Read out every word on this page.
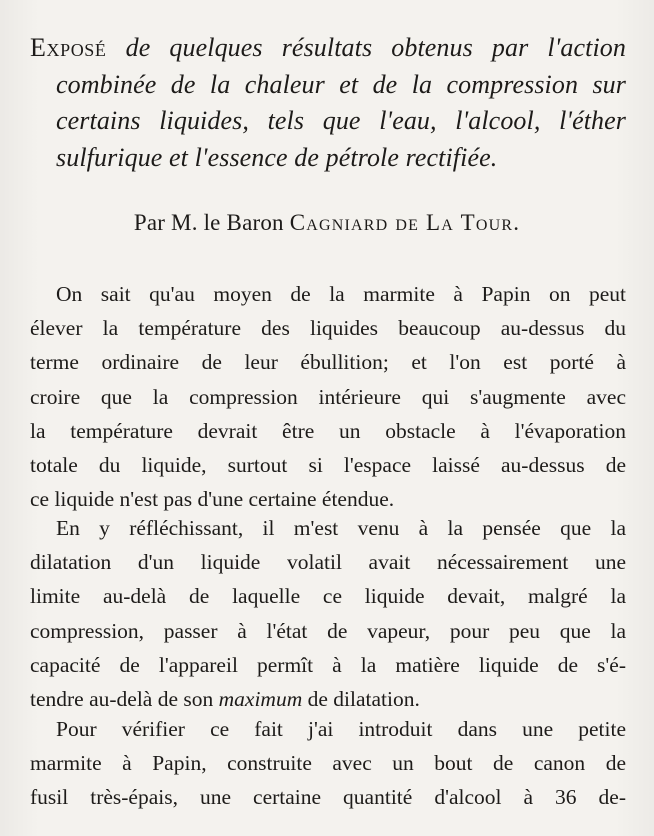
Exposé de quelques résultats obtenus par l'action
combinée de la chaleur et de la compression sur
certains liquides, tels que l'eau, l'alcool, l'éther
sulfurique et l'essence de pétrole rectifiée.
Par M. le Baron Cagniard de La Tour.
On sait qu'au moyen de la marmite à Papin on peut
élever la température des liquides beaucoup au-dessus du
terme ordinaire de leur ébullition; et l'on est porté à
croire que la compression intérieure qui s'augmente avec
la température devrait être un obstacle à l'évaporation
totale du liquide, surtout si l'espace laissé au-dessus de
ce liquide n'est pas d'une certaine étendue.
En y réfléchissant, il m'est venu à la pensée que la
dilatation d'un liquide volatil avait nécessairement une
limite au-delà de laquelle ce liquide devait, malgré la
compression, passer à l'état de vapeur, pour peu que la
capacité de l'appareil permît à la matière liquide de s'é-
tendre au-delà de son maximum de dilatation.
Pour vérifier ce fait j'ai introduit dans une petite
marmite à Papin, construite avec un bout de canon de
fusil très-épais, une certaine quantité d'alcool à 36 de-
